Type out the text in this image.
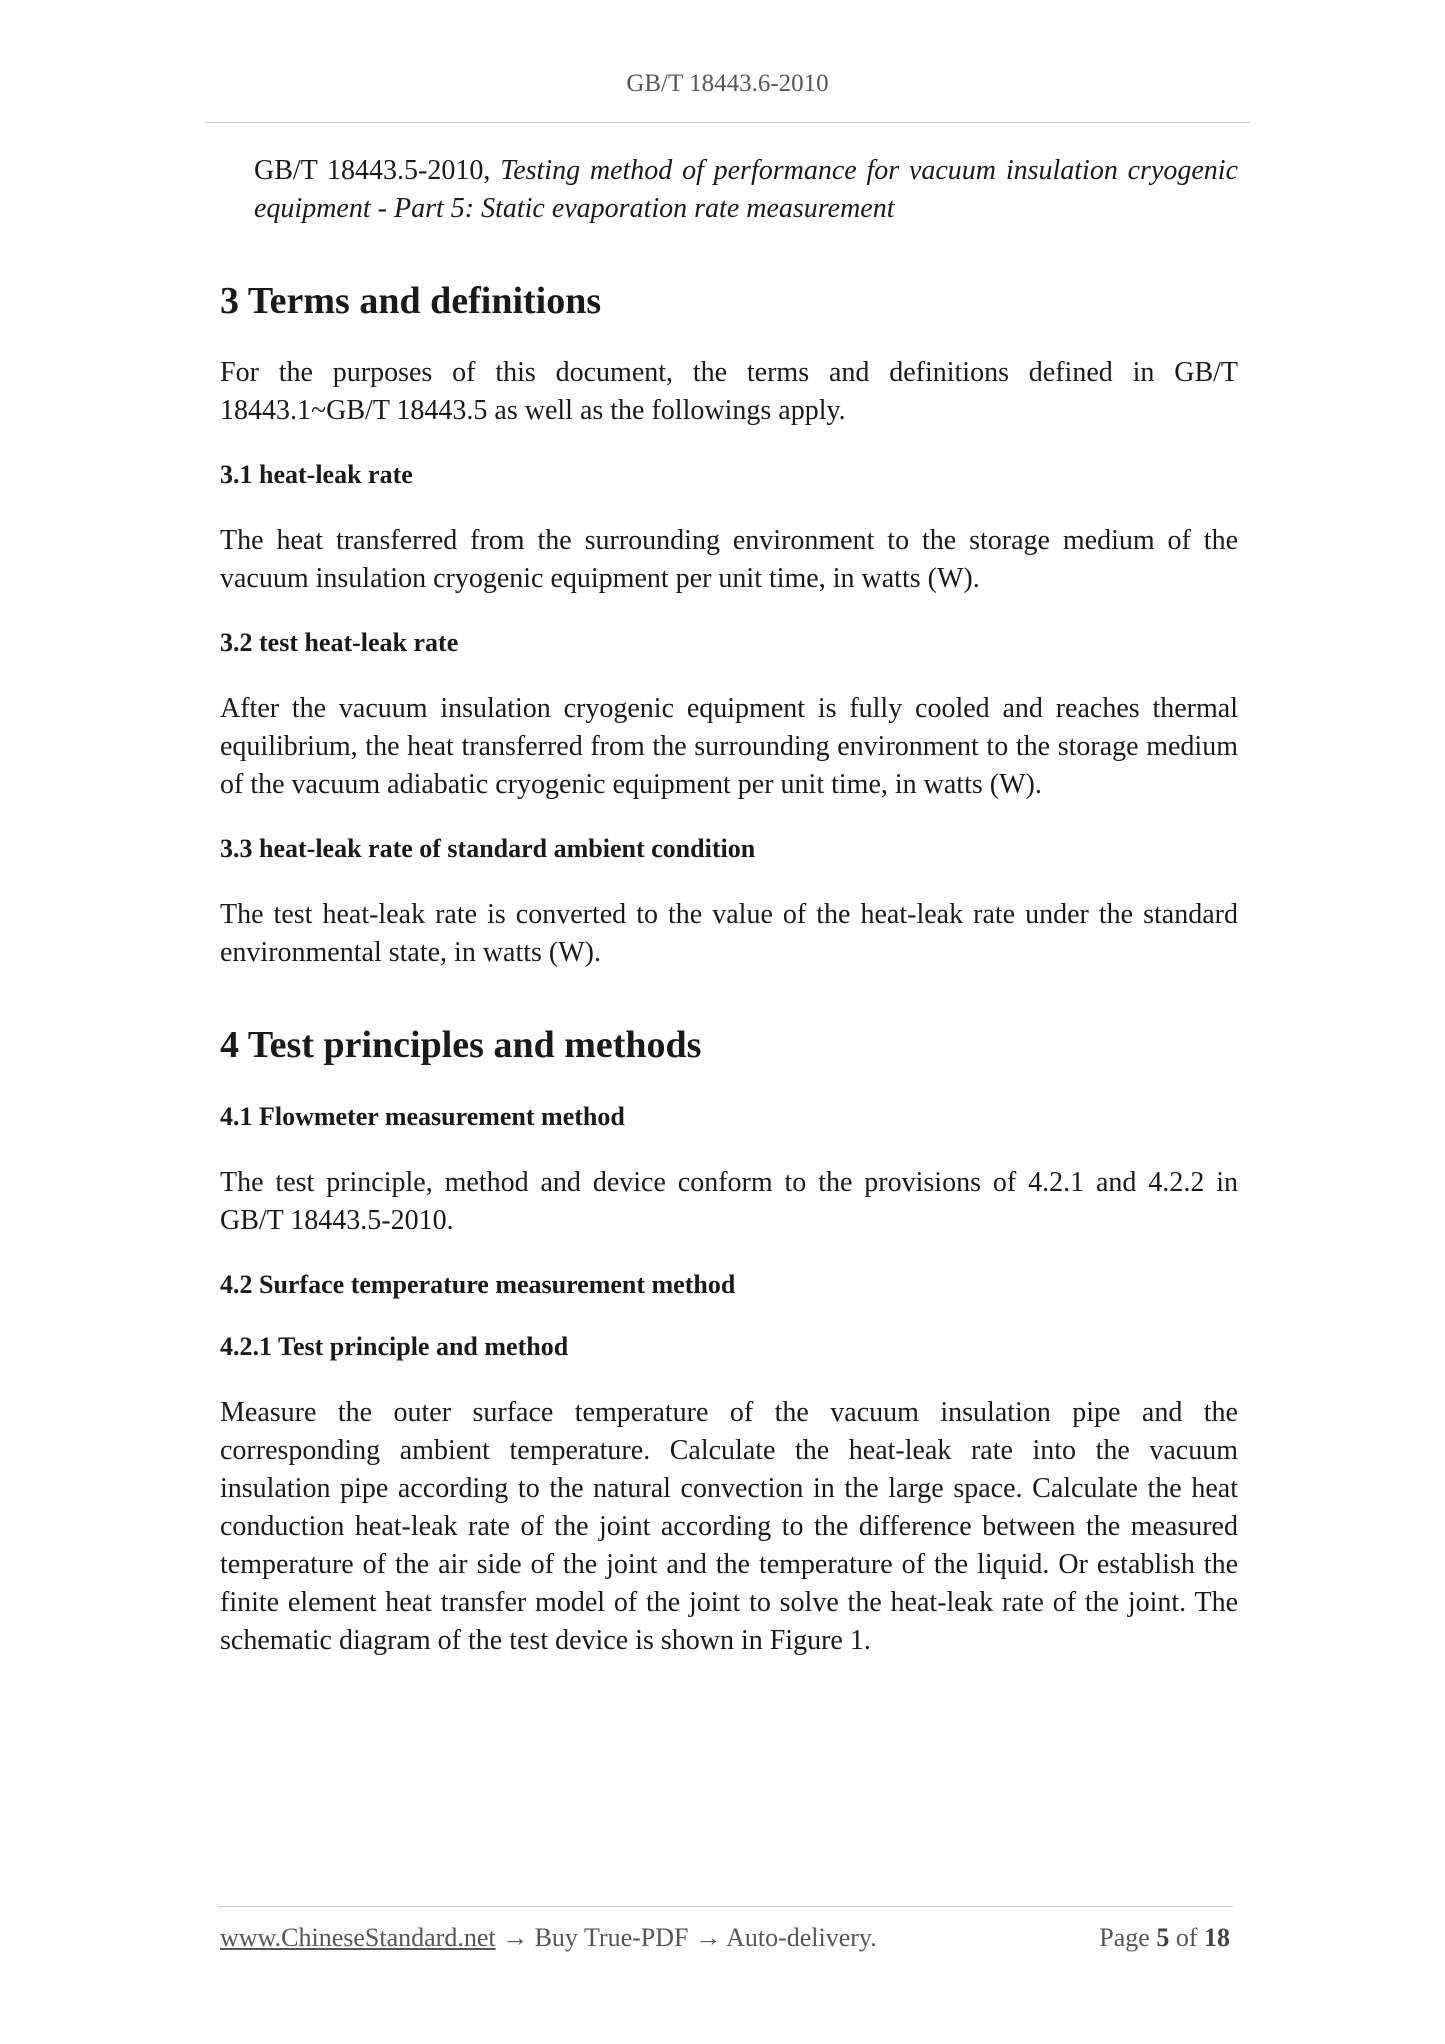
GB/T 18443.6-2010

GB/T 18443.5-2010, Testing method of performance for vacuum insulation cryogenic equipment - Part 5: Static evaporation rate measurement

3 Terms and definitions

For the purposes of this document, the terms and definitions defined in GB/T 18443.1~GB/T 18443.5 as well as the followings apply.

3.1 heat-leak rate

The heat transferred from the surrounding environment to the storage medium of the vacuum insulation cryogenic equipment per unit time, in watts (W).

3.2 test heat-leak rate

After the vacuum insulation cryogenic equipment is fully cooled and reaches thermal equilibrium, the heat transferred from the surrounding environment to the storage medium of the vacuum adiabatic cryogenic equipment per unit time, in watts (W).

3.3 heat-leak rate of standard ambient condition

The test heat-leak rate is converted to the value of the heat-leak rate under the standard environmental state, in watts (W).

4 Test principles and methods
4.1 Flowmeter measurement method

The test principle, method and device conform to the provisions of 4.2.1 and 4.2.2 in GB/T 18443.5-2010.

4.2 Surface temperature measurement method
4.2.1 Test principle and method

Measure the outer surface temperature of the vacuum insulation pipe and the corresponding ambient temperature. Calculate the heat-leak rate into the vacuum insulation pipe according to the natural convection in the large space. Calculate the heat conduction heat-leak rate of the joint according to the difference between the measured temperature of the air side of the joint and the temperature of the liquid. Or establish the finite element heat transfer model of the joint to solve the heat-leak rate of the joint. The schematic diagram of the test device is shown in Figure 1.

www.ChineseStandard.net → Buy True-PDF → Auto-delivery.	Page 5 of 18
